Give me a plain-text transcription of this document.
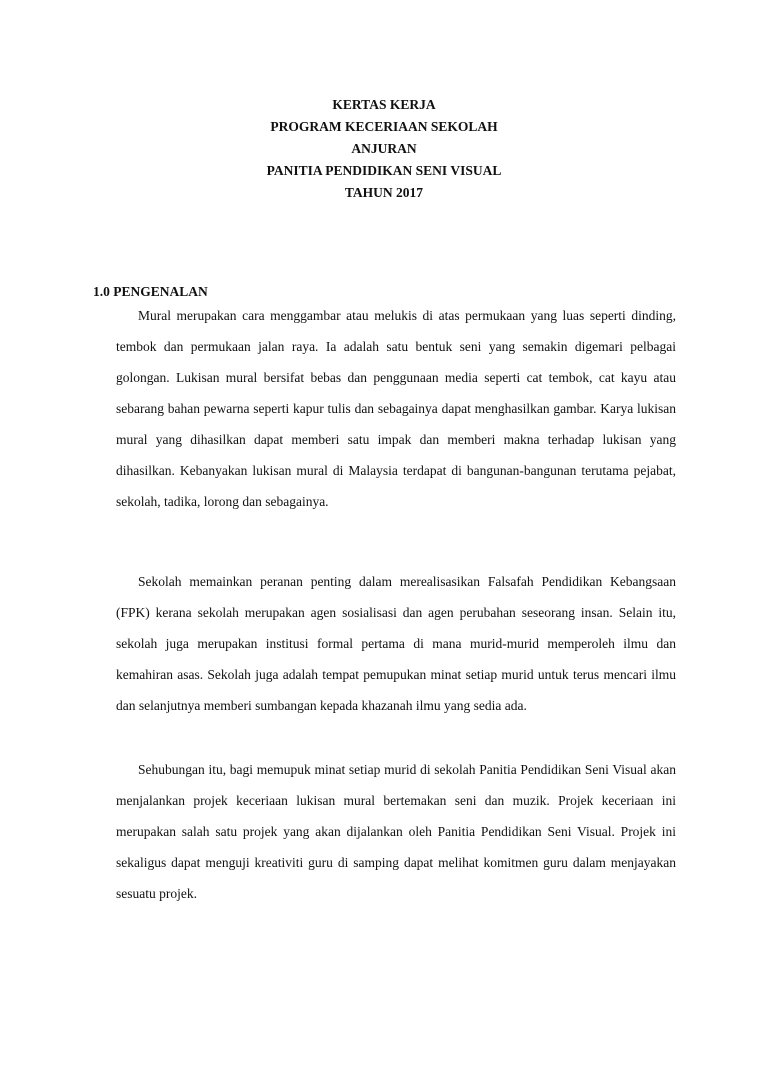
KERTAS KERJA
PROGRAM KECERIAAN SEKOLAH
ANJURAN
PANITIA PENDIDIKAN SENI VISUAL
TAHUN 2017
1.0 PENGENALAN

Mural merupakan cara menggambar atau melukis di atas permukaan yang luas seperti dinding, tembok dan permukaan jalan raya. Ia adalah satu bentuk seni yang semakin digemari pelbagai golongan. Lukisan mural bersifat bebas dan penggunaan media seperti cat tembok, cat kayu atau sebarang bahan pewarna seperti kapur tulis dan sebagainya dapat menghasilkan gambar. Karya lukisan mural yang dihasilkan dapat memberi satu impak dan memberi makna terhadap lukisan yang dihasilkan. Kebanyakan lukisan mural di Malaysia terdapat di bangunan-bangunan terutama pejabat, sekolah, tadika, lorong dan sebagainya.

Sekolah memainkan peranan penting dalam merealisasikan Falsafah Pendidikan Kebangsaan (FPK) kerana sekolah merupakan agen sosialisasi dan agen perubahan seseorang insan. Selain itu, sekolah juga merupakan institusi formal pertama di mana murid-murid memperoleh ilmu dan kemahiran asas. Sekolah juga adalah tempat pemupukan minat setiap murid untuk terus mencari ilmu dan selanjutnya memberi sumbangan kepada khazanah ilmu yang sedia ada.

Sehubungan itu, bagi memupuk minat setiap murid di sekolah Panitia Pendidikan Seni Visual akan menjalankan projek keceriaan lukisan mural bertemakan seni dan muzik. Projek keceriaan ini merupakan salah satu projek yang akan dijalankan oleh Panitia Pendidikan Seni Visual. Projek ini sekaligus dapat menguji kreativiti guru di samping dapat melihat komitmen guru dalam menjayakan sesuatu projek.
